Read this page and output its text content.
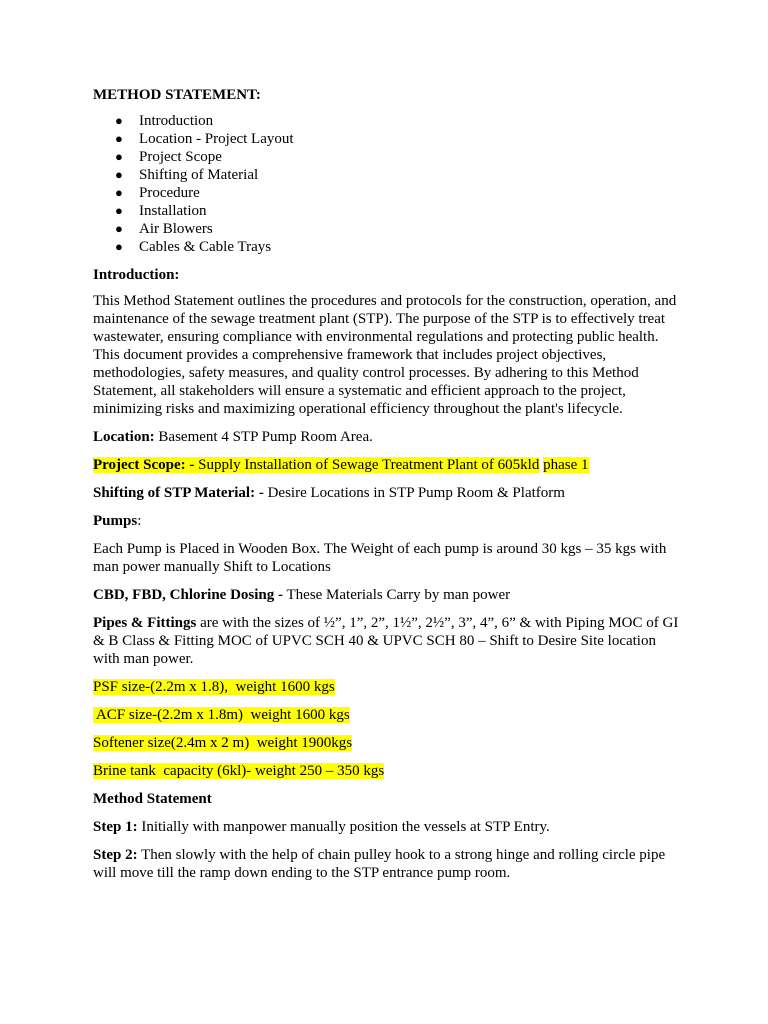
METHOD STATEMENT:

● Introduction
● Location - Project Layout
● Project Scope
● Shifting of Material
● Procedure
● Installation
● Air Blowers
● Cables & Cable Trays

Introduction:

This Method Statement outlines the procedures and protocols for the construction, operation, and maintenance of the sewage treatment plant (STP). The purpose of the STP is to effectively treat wastewater, ensuring compliance with environmental regulations and protecting public health. This document provides a comprehensive framework that includes project objectives, methodologies, safety measures, and quality control processes. By adhering to this Method Statement, all stakeholders will ensure a systematic and efficient approach to the project, minimizing risks and maximizing operational efficiency throughout the plant's lifecycle.

Location: Basement 4 STP Pump Room Area.

Project Scope: - Supply Installation of Sewage Treatment Plant of 605kld phase 1

Shifting of STP Material: - Desire Locations in STP Pump Room & Platform

Pumps:

Each Pump is Placed in Wooden Box. The Weight of each pump is around 30 kgs – 35 kgs with man power manually Shift to Locations

CBD, FBD, Chlorine Dosing - These Materials Carry by man power

Pipes & Fittings are with the sizes of ½”, 1”, 2”, 1½”, 2½”, 3”, 4”, 6” & with Piping MOC of GI & B Class & Fitting MOC of UPVC SCH 40 & UPVC SCH 80 – Shift to Desire Site location with man power.

PSF size-(2.2m x 1.8),  weight 1600 kgs

ACF size-(2.2m x 1.8m)  weight 1600 kgs

Softener size(2.4m x 2 m)  weight 1900kgs

Brine tank  capacity (6kl)- weight 250 – 350 kgs

Method Statement

Step 1: Initially with manpower manually position the vessels at STP Entry.

Step 2: Then slowly with the help of chain pulley hook to a strong hinge and rolling circle pipe will move till the ramp down ending to the STP entrance pump room.
